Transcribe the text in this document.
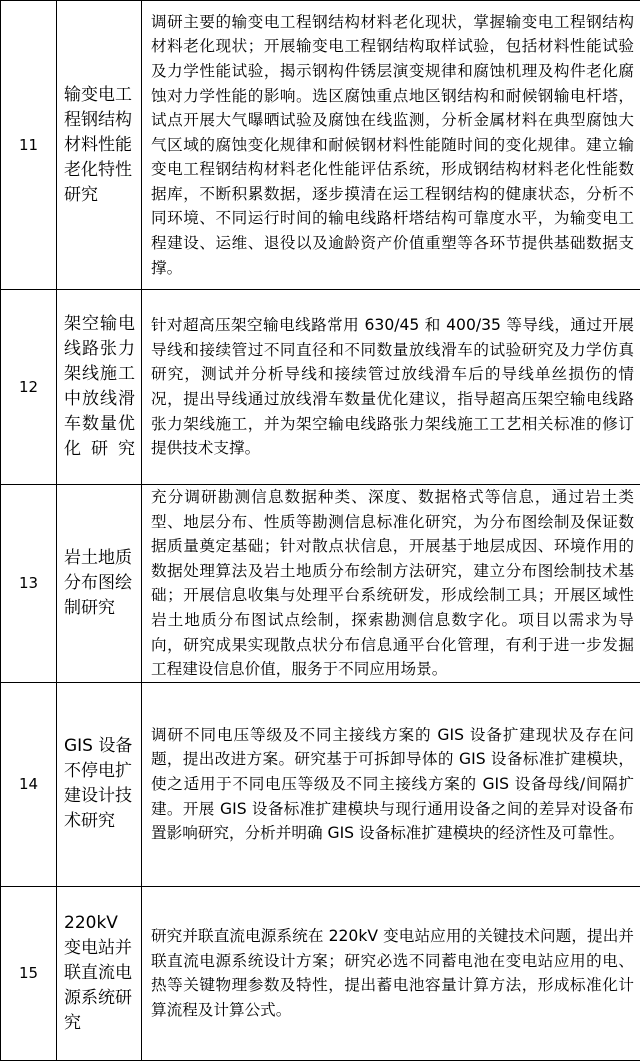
11	输变电工程钢结构材料性能老化特性研究	调研主要的输变电工程钢结构材料老化现状，掌握输变电工程钢结构材料老化现状；开展输变电工程钢结构取样试验，包括材料性能试验及力学性能试验，揭示钢构件锈层演变规律和腐蚀机理及构件老化腐蚀对力学性能的影响。选区腐蚀重点地区钢结构和耐候钢输电杆塔，试点开展大气曝晒试验及腐蚀在线监测，分析金属材料在典型腐蚀大气区域的腐蚀变化规律和耐候钢材料性能随时间的变化规律。建立输变电工程钢结构材料老化性能评估系统，形成钢结构材料老化性能数据库，不断积累数据，逐步摸清在运工程钢结构的健康状态，分析不同环境、不同运行时间的输电线路杆塔结构可靠度水平，为输变电工程建设、运维、退役以及逾龄资产价值重塑等各环节提供基础数据支撑。
12	架空输电线路张力架线施工中放线滑车数量优化研究	针对超高压架空输电线路常用 630/45 和 400/35 等导线，通过开展导线和接续管过不同直径和不同数量放线滑车的试验研究及力学仿真研究，测试并分析导线和接续管过放线滑车后的导线单丝损伤的情况，提出导线通过放线滑车数量优化建议，指导超高压架空输电线路张力架线施工，并为架空输电线路张力架线施工工艺相关标准的修订提供技术支撑。
13	岩土地质分布图绘制研究	充分调研勘测信息数据种类、深度、数据格式等信息，通过岩土类型、地层分布、性质等勘测信息标准化研究，为分布图绘制及保证数据质量奠定基础；针对散点状信息，开展基于地层成因、环境作用的数据处理算法及岩土地质分布绘制方法研究，建立分布图绘制技术基础；开展信息收集与处理平台系统研发，形成绘制工具；开展区域性岩土地质分布图试点绘制，探索勘测信息数字化。项目以需求为导向，研究成果实现散点状分布信息通平台化管理，有利于进一步发掘工程建设信息价值，服务于不同应用场景。
14	GIS 设备不停电扩建设计技术研究	调研不同电压等级及不同主接线方案的 GIS 设备扩建现状及存在问题，提出改进方案。研究基于可拆卸导体的 GIS 设备标准扩建模块，使之适用于不同电压等级及不同主接线方案的 GIS 设备母线/间隔扩建。开展 GIS 设备标准扩建模块与现行通用设备之间的差异对设备布置影响研究，分析并明确 GIS 设备标准扩建模块的经济性及可靠性。
15	220kV 变电站并联直流电源系统研究	研究并联直流电源系统在 220kV 变电站应用的关键技术问题，提出并联直流电源系统设计方案；研究必选不同蓄电池在变电站应用的电、热等关键物理参数及特性，提出蓄电池容量计算方法，形成标准化计算流程及计算公式。
